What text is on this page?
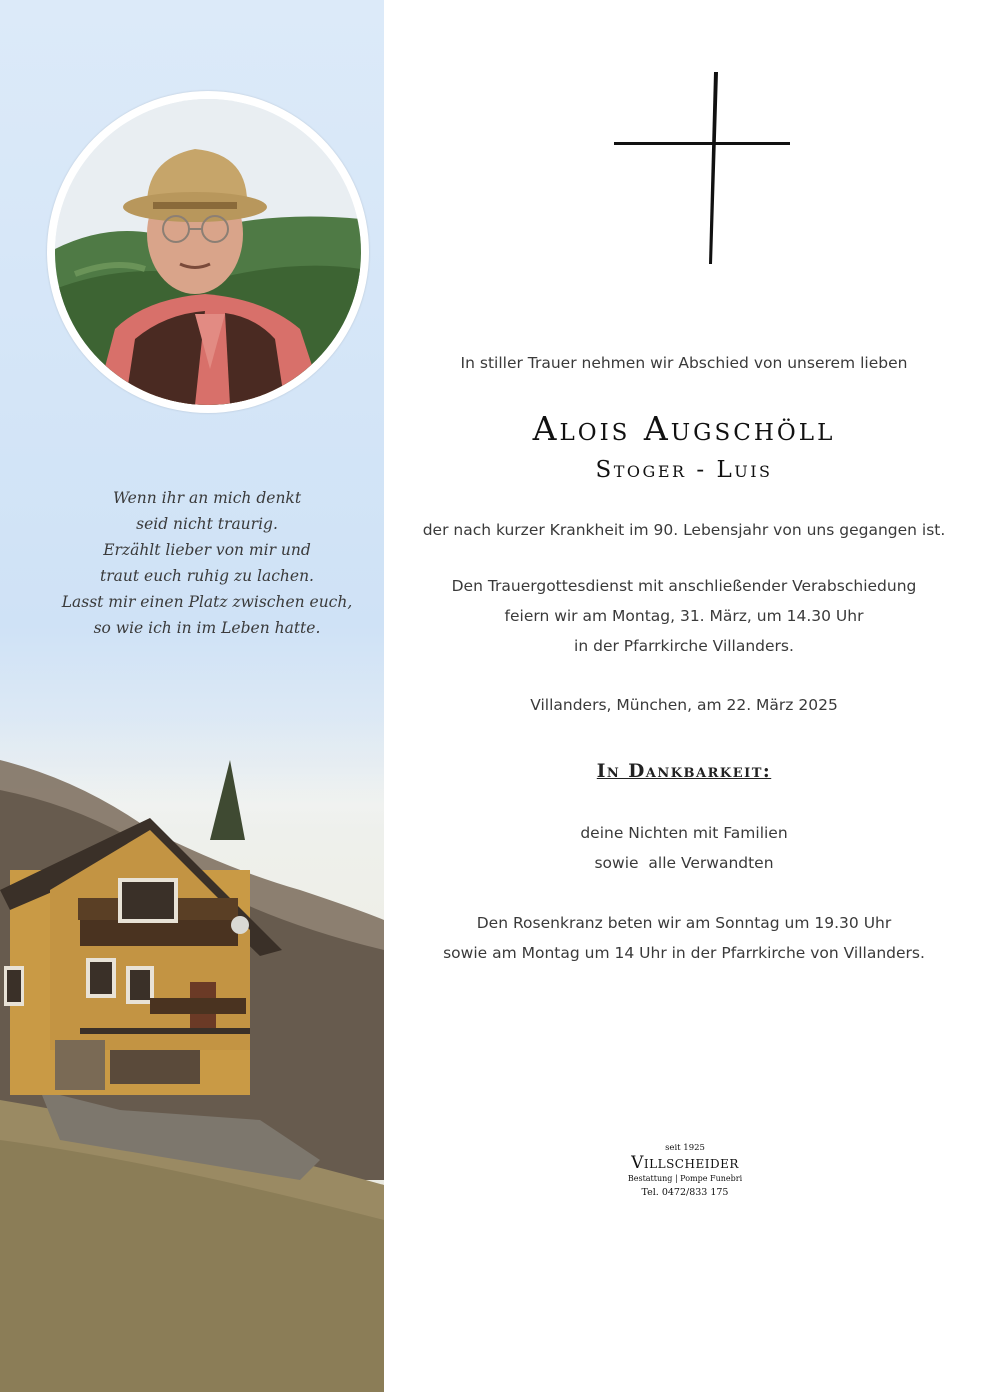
Wenn ihr an mich denkt
seid nicht traurig.
Erzählt lieber von mir und
traut euch ruhig zu lachen.
Lasst mir einen Platz zwischen euch,
so wie ich in im Leben hatte.
In stiller Trauer nehmen wir Abschied von unserem lieben
Alois Augschöll
Stoger - Luis
der nach kurzer Krankheit im 90. Lebensjahr von uns gegangen ist.
Den Trauergottesdienst mit anschließender Verabschiedung
feiern wir am Montag, 31. März, um 14.30 Uhr
in der Pfarrkirche Villanders.
Villanders, München, am 22. März 2025
In Dankbarkeit:
deine Nichten mit Familien
sowie  alle Verwandten
Den Rosenkranz beten wir am Sonntag um 19.30 Uhr
sowie am Montag um 14 Uhr in der Pfarrkirche von Villanders.
seit 1925
Villscheider
Bestattung | Pompe Funebri
Tel. 0472/833 175
